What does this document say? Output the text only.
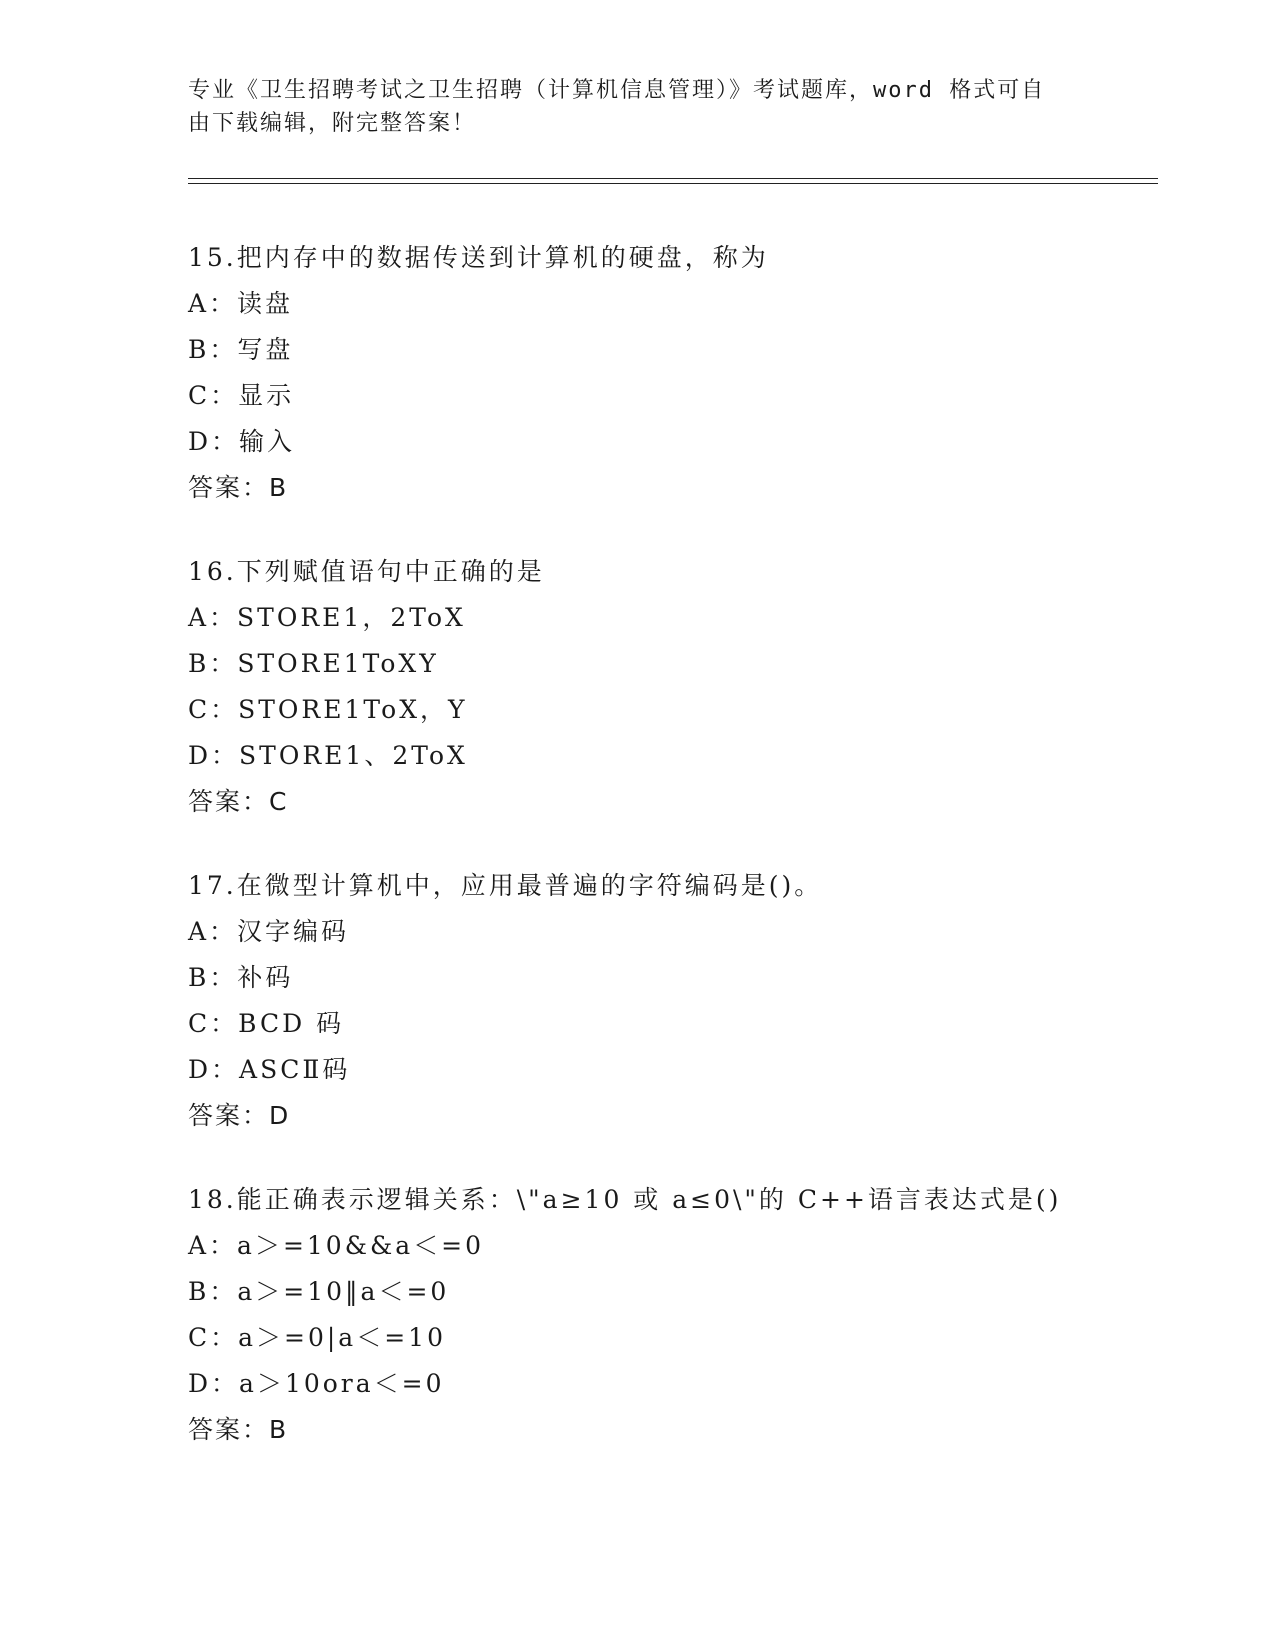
专业《卫生招聘考试之卫生招聘（计算机信息管理）》考试题库，word 格式可自
由下载编辑，附完整答案！
15.把内存中的数据传送到计算机的硬盘，称为
A：读盘
B：写盘
C：显示
D：输入
答案：B
16.下列赋值语句中正确的是
A：STORE1，2ToX
B：STORE1ToXY
C：STORE1ToX，Y
D：STORE1、2ToX
答案：C
17.在微型计算机中，应用最普遍的字符编码是()。
A：汉字编码
B：补码
C：BCD 码
D：ASCⅡ码
答案：D
18.能正确表示逻辑关系：\"a≥10 或 a≤0\"的 C++语言表达式是()
A：a＞=10&&a＜=0
B：a＞=10‖a＜=0
C：a＞=0|a＜=10
D：a＞10ora＜=0
答案：B
